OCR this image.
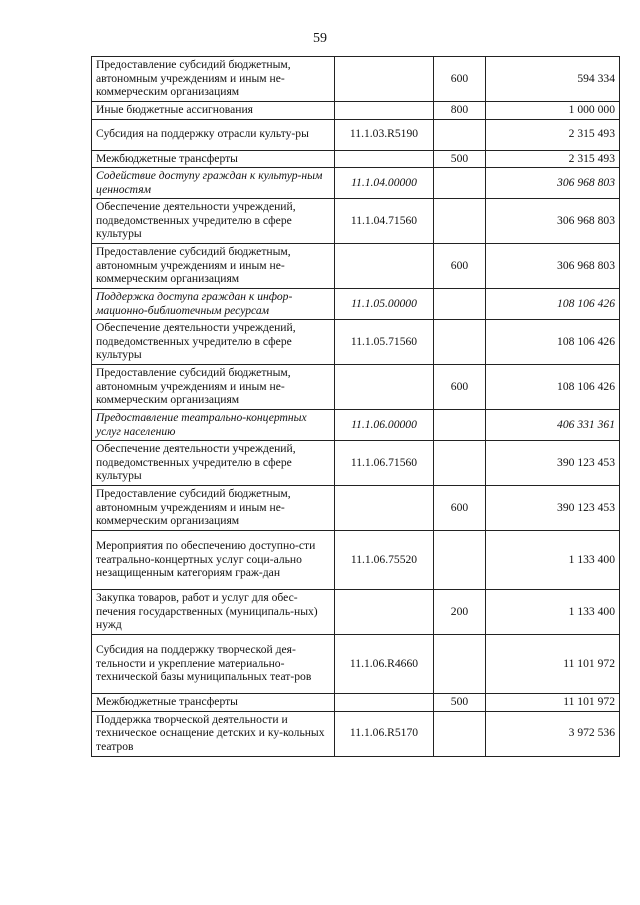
59
Предоставление субсидий бюджетным, автономным учреждениям и иным не-коммерческим организациям		600	594 334
Иные бюджетные ассигнования		800	1 000 000
Субсидия на поддержку отрасли культу-ры	11.1.03.R5190		2 315 493
Межбюджетные трансферты		500	2 315 493
Содействие доступу граждан к культур-ным ценностям	11.1.04.00000		306 968 803
Обеспечение деятельности учреждений, подведомственных учредителю в сфере культуры	11.1.04.71560		306 968 803
Предоставление субсидий бюджетным, автономным учреждениям и иным не-коммерческим организациям		600	306 968 803
Поддержка доступа граждан к инфор-мационно-библиотечным ресурсам	11.1.05.00000		108 106 426
Обеспечение деятельности учреждений, подведомственных учредителю в сфере культуры	11.1.05.71560		108 106 426
Предоставление субсидий бюджетным, автономным учреждениям и иным не-коммерческим организациям		600	108 106 426
Предоставление театрально-концертных услуг населению	11.1.06.00000		406 331 361
Обеспечение деятельности учреждений, подведомственных учредителю в сфере культуры	11.1.06.71560		390 123 453
Предоставление субсидий бюджетным, автономным учреждениям и иным не-коммерческим организациям		600	390 123 453
Мероприятия по обеспечению доступно-сти театрально-концертных услуг соци-ально незащищенным категориям граж-дан	11.1.06.75520		1 133 400
Закупка товаров, работ и услуг для обес-печения государственных (муниципаль-ных) нужд		200	1 133 400
Субсидия на поддержку творческой дея-тельности и укрепление материально-технической базы муниципальных теат-ров	11.1.06.R4660		11 101 972
Межбюджетные трансферты		500	11 101 972
Поддержка творческой деятельности и техническое оснащение детских и ку-кольных театров	11.1.06.R5170		3 972 536
